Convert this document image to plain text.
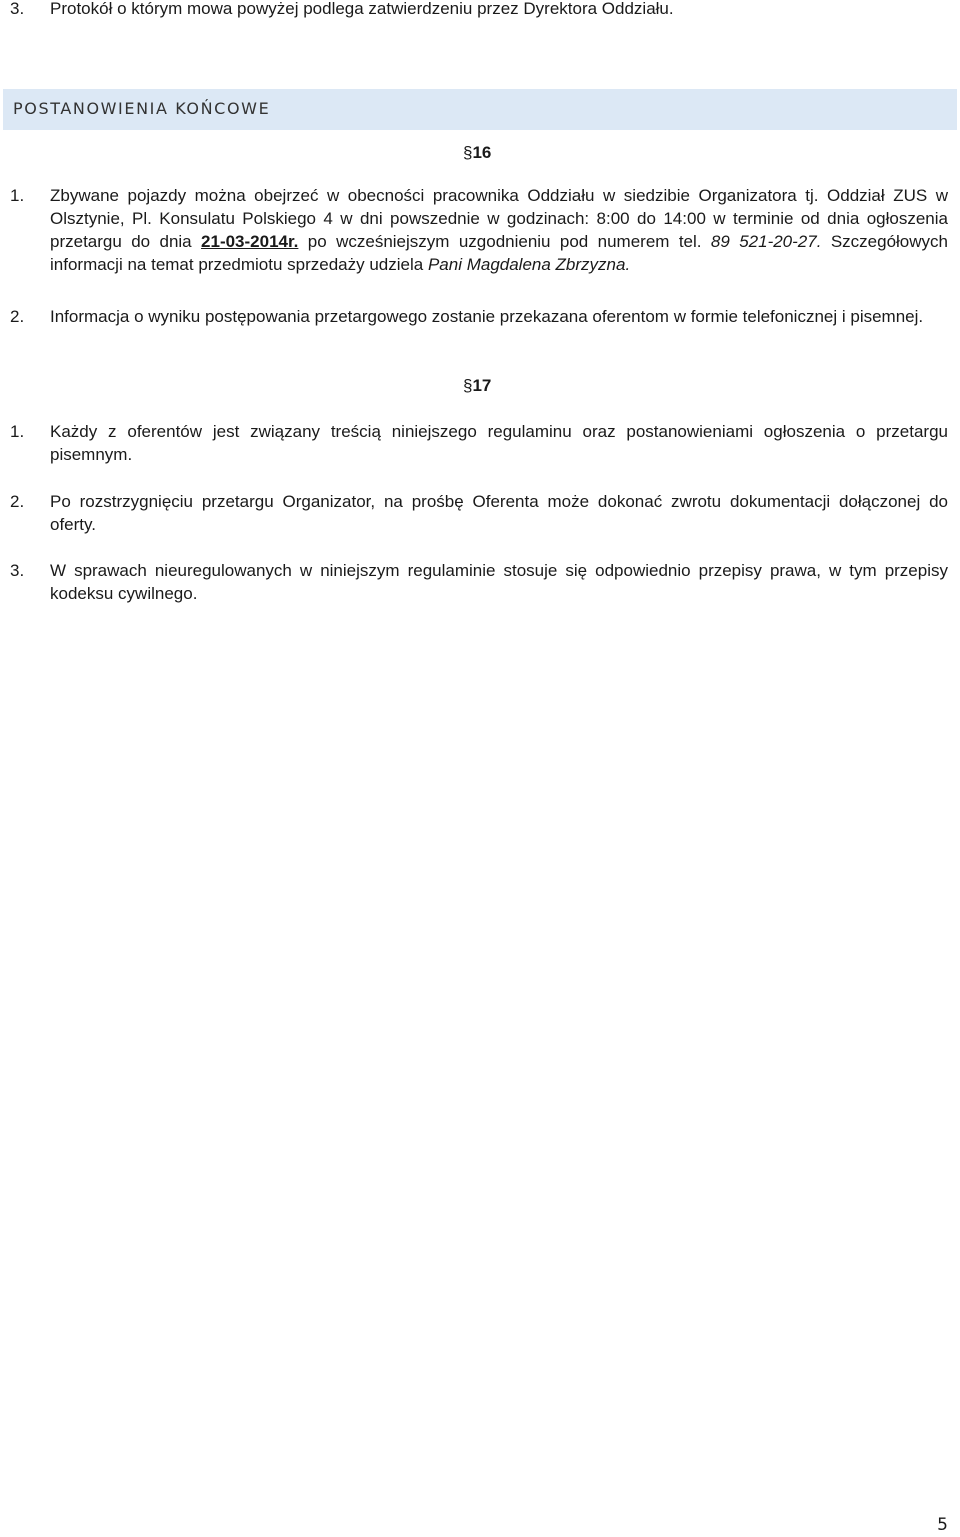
3.	Protokół o którym mowa powyżej podlega zatwierdzeniu przez Dyrektora Oddziału.
POSTANOWIENIA KOŃCOWE
§16
1.	Zbywane pojazdy można obejrzeć w obecności pracownika Oddziału w siedzibie Organizatora tj. Oddział ZUS w Olsztynie, Pl. Konsulatu Polskiego 4 w dni powszednie w godzinach: 8:00 do 14:00 w terminie od dnia ogłoszenia przetargu do dnia 21-03-2014r. po wcześniejszym uzgodnieniu pod numerem tel. 89 521-20-27. Szczegółowych informacji na temat przedmiotu sprzedaży udziela Pani Magdalena Zbrzyzna.
2.	Informacja o wyniku postępowania przetargowego zostanie przekazana oferentom w formie telefonicznej i pisemnej.
§17
1.	Każdy z oferentów jest związany treścią niniejszego regulaminu oraz postanowieniami ogłoszenia o przetargu pisemnym.
2.	Po rozstrzygnięciu przetargu Organizator, na prośbę Oferenta może dokonać zwrotu dokumentacji dołączonej do oferty.
3.	W sprawach nieuregulowanych w niniejszym regulaminie stosuje się odpowiednio przepisy prawa, w tym przepisy kodeksu cywilnego.
5
